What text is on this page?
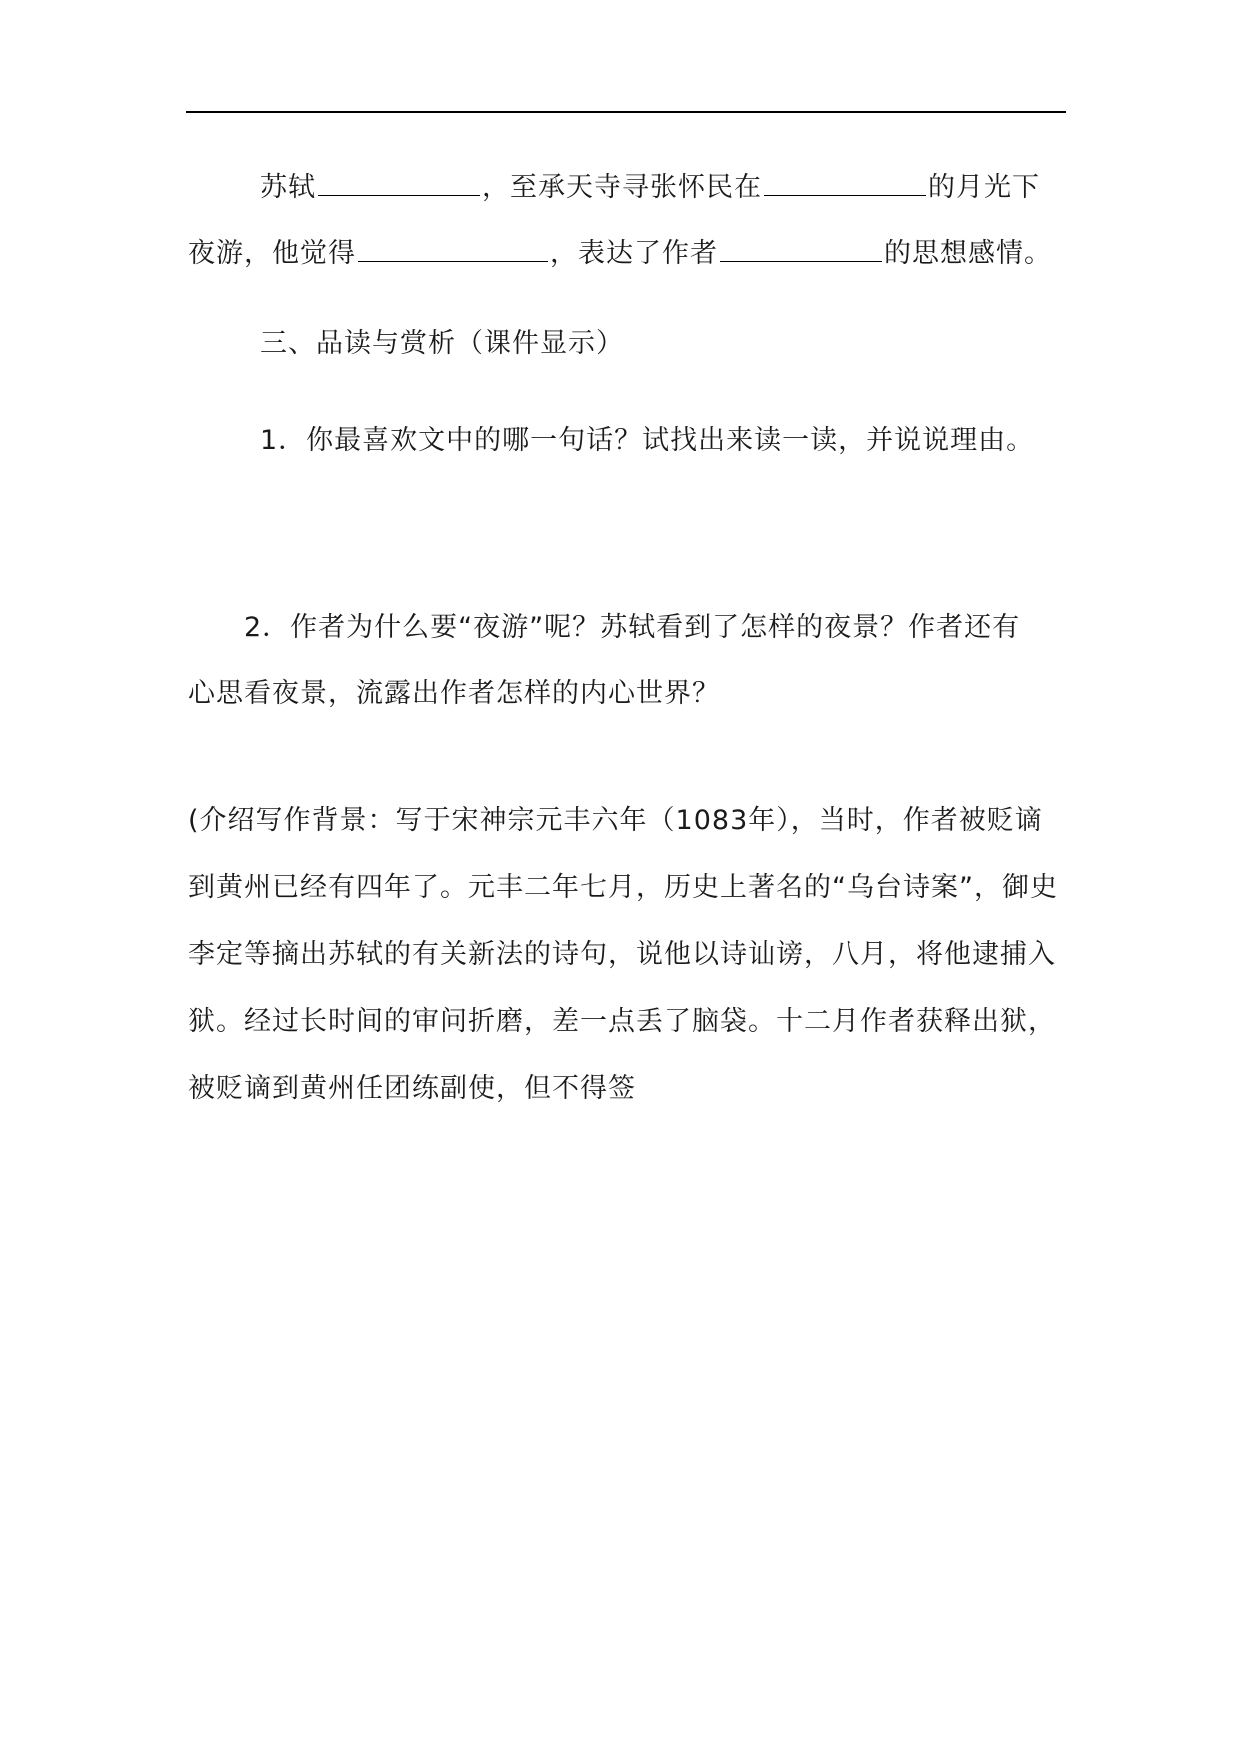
苏轼	，至承天寺寻张怀民在	的月光下
夜游，他觉得	，表达了作者	的思想感情。
三、品读与赏析（课件显示）
1．你最喜欢文中的哪一句话？试找出来读一读，并说说理由。
2．作者为什么要“夜游”呢？苏轼看到了怎样的夜景？作者还有
心思看夜景，流露出作者怎样的内心世界？
(介绍写作背景：写于宋神宗元丰六年（1083年），当时，作者被贬谪
到黄州已经有四年了。元丰二年七月，历史上著名的“乌台诗案”，御史
李定等摘出苏轼的有关新法的诗句，说他以诗讪谤，八月，将他逮捕入
狱。经过长时间的审问折磨，差一点丢了脑袋。十二月作者获释出狱，
被贬谪到黄州任团练副使，但不得签
